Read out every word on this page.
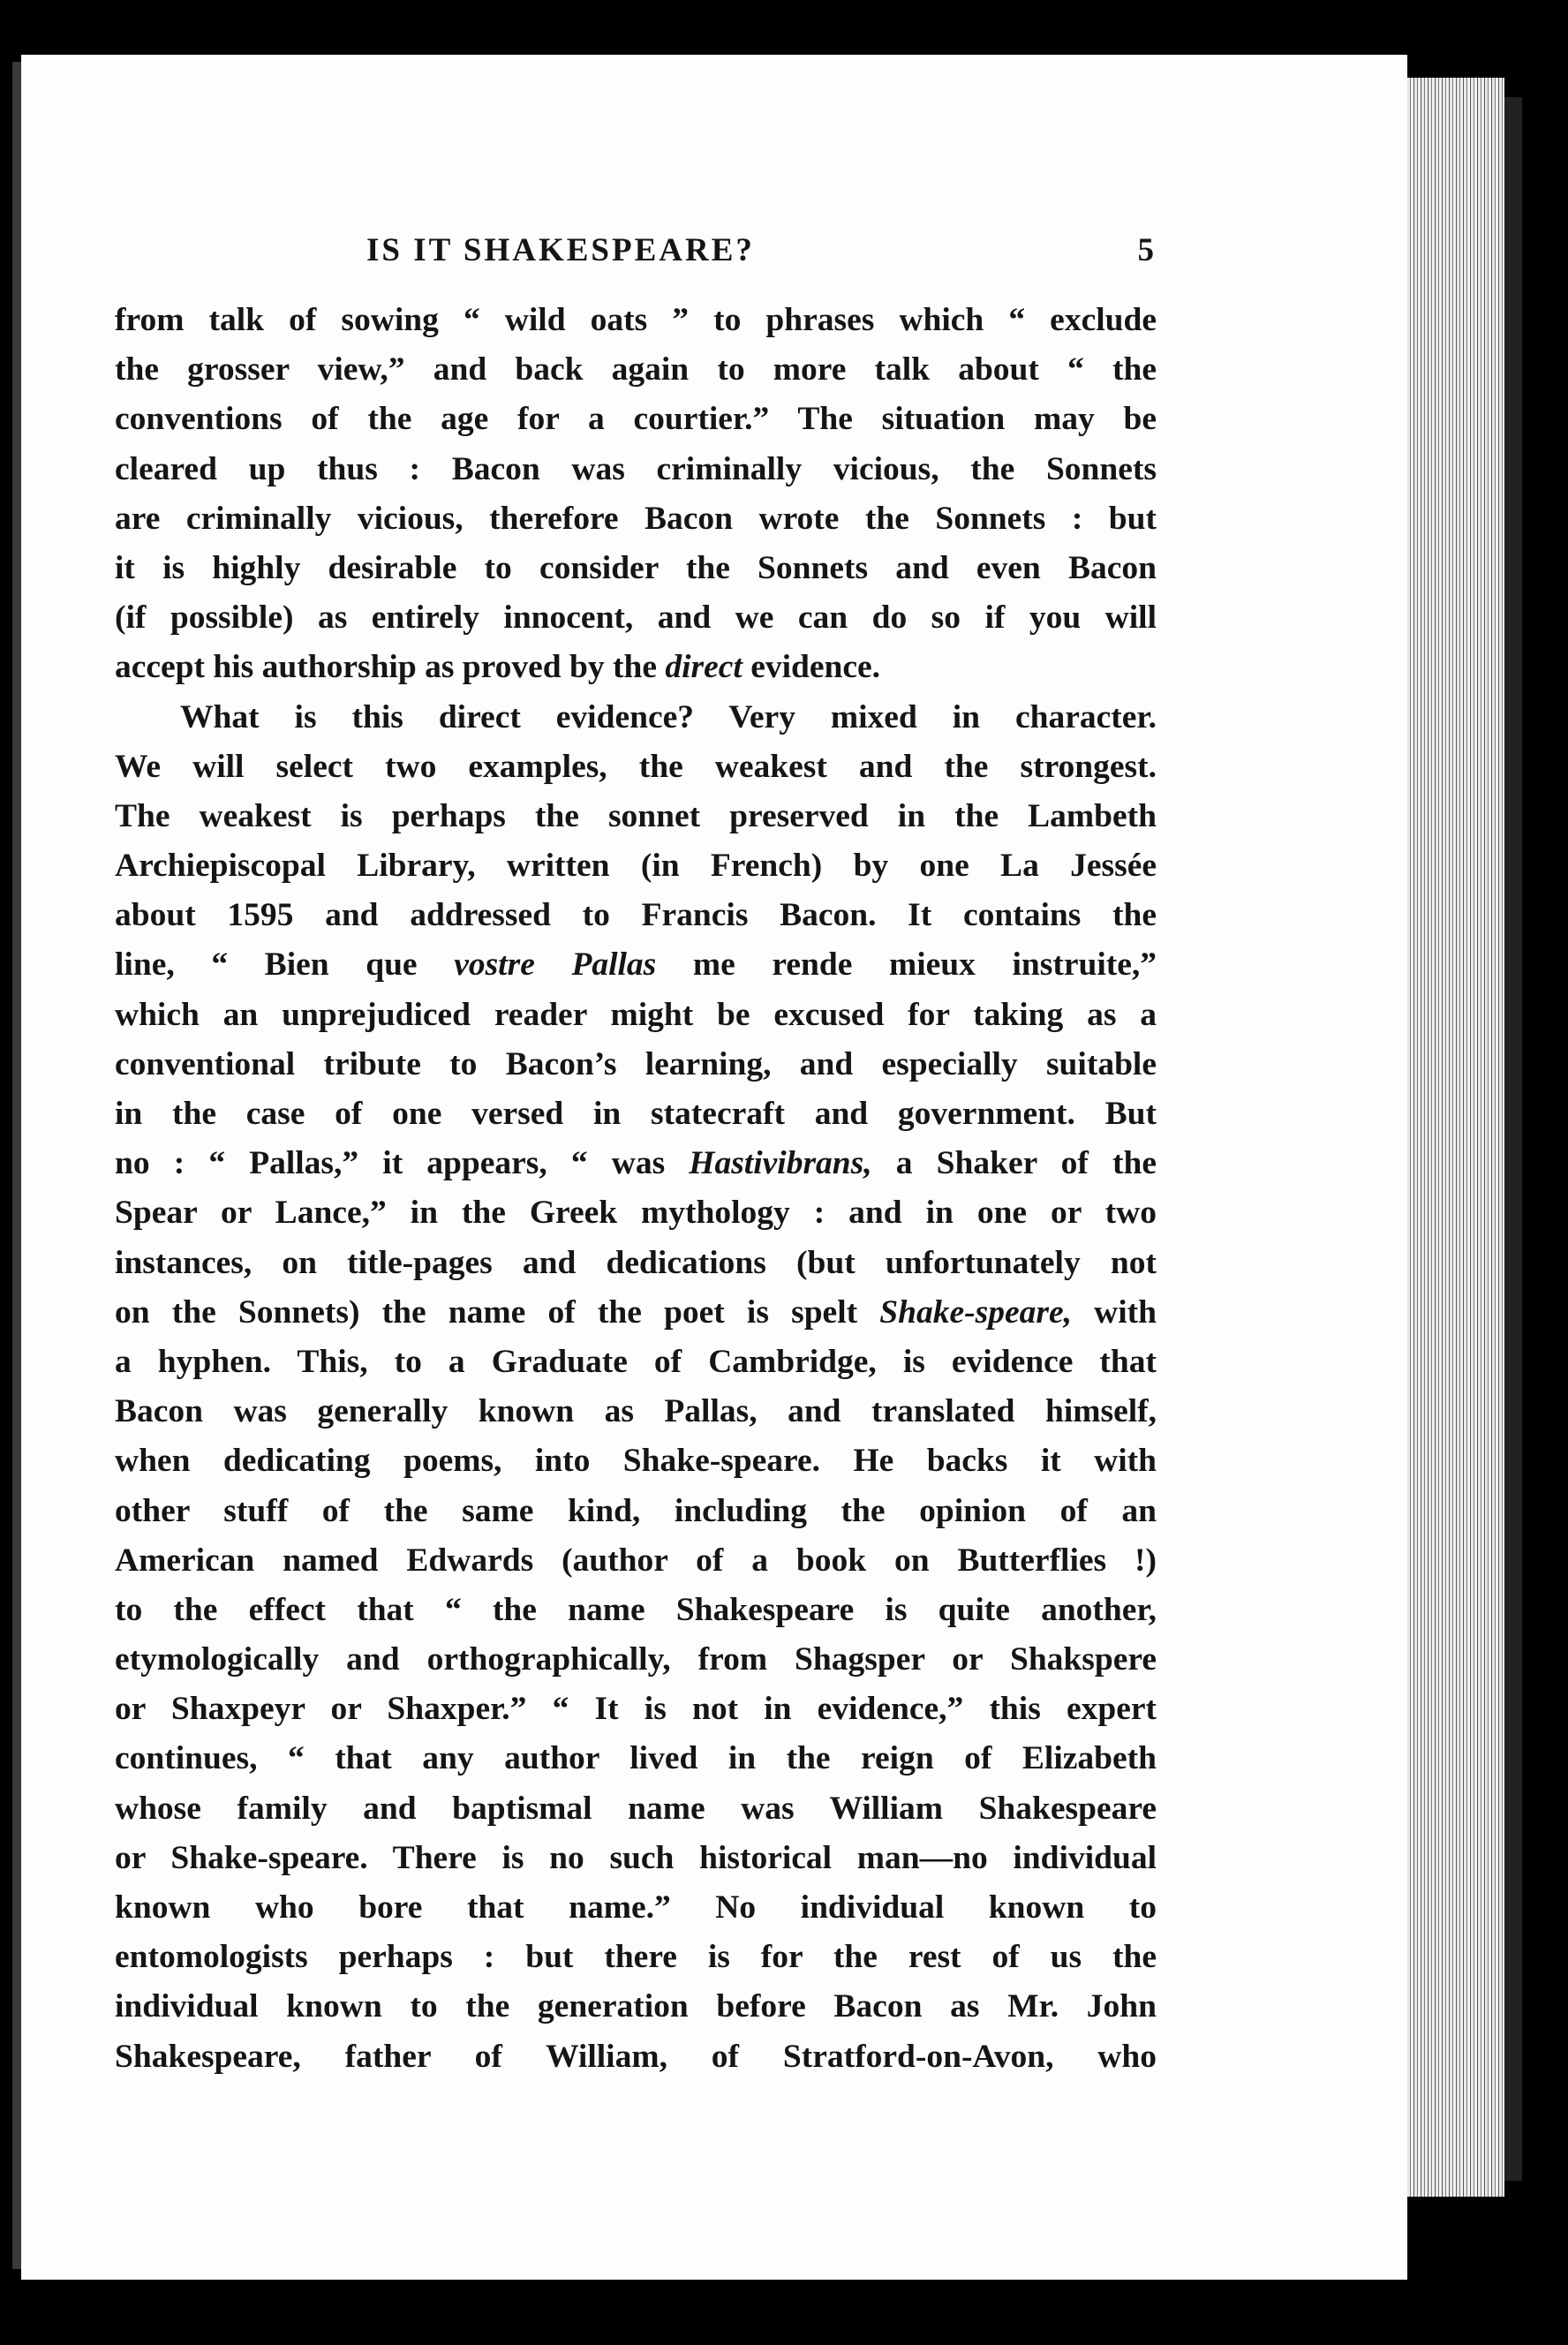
IS IT SHAKESPEARE?	5
from talk of sowing “ wild oats ” to phrases which “ exclude
the grosser view,” and back again to more talk about “ the
conventions of the age for a courtier.” The situation may be
cleared up thus : Bacon was criminally vicious, the Sonnets
are criminally vicious, therefore Bacon wrote the Sonnets : but
it is highly desirable to consider the Sonnets and even Bacon
(if possible) as entirely innocent, and we can do so if you will
accept his authorship as proved by the direct evidence.
What is this direct evidence? Very mixed in character.
We will select two examples, the weakest and the strongest.
The weakest is perhaps the sonnet preserved in the Lambeth
Archiepiscopal Library, written (in French) by one La Jessée
about 1595 and addressed to Francis Bacon. It contains the
line, “ Bien que vostre Pallas me rende mieux instruite,”
which an unprejudiced reader might be excused for taking as a
conventional tribute to Bacon’s learning, and especially suitable
in the case of one versed in statecraft and government. But
no : “ Pallas,” it appears, “ was Hastivibrans, a Shaker of the
Spear or Lance,” in the Greek mythology : and in one or two
instances, on title-pages and dedications (but unfortunately not
on the Sonnets) the name of the poet is spelt Shake-speare, with
a hyphen. This, to a Graduate of Cambridge, is evidence that
Bacon was generally known as Pallas, and translated himself,
when dedicating poems, into Shake-speare. He backs it with
other stuff of the same kind, including the opinion of an
American named Edwards (author of a book on Butterflies !)
to the effect that “ the name Shakespeare is quite another,
etymologically and orthographically, from Shagsper or Shakspere
or Shaxpeyr or Shaxper.” “ It is not in evidence,” this expert
continues, “ that any author lived in the reign of Elizabeth
whose family and baptismal name was William Shakespeare
or Shake-speare. There is no such historical man—no individual
known who bore that name.” No individual known to
entomologists perhaps : but there is for the rest of us the
individual known to the generation before Bacon as Mr. John
Shakespeare, father of William, of Stratford-on-Avon, who
